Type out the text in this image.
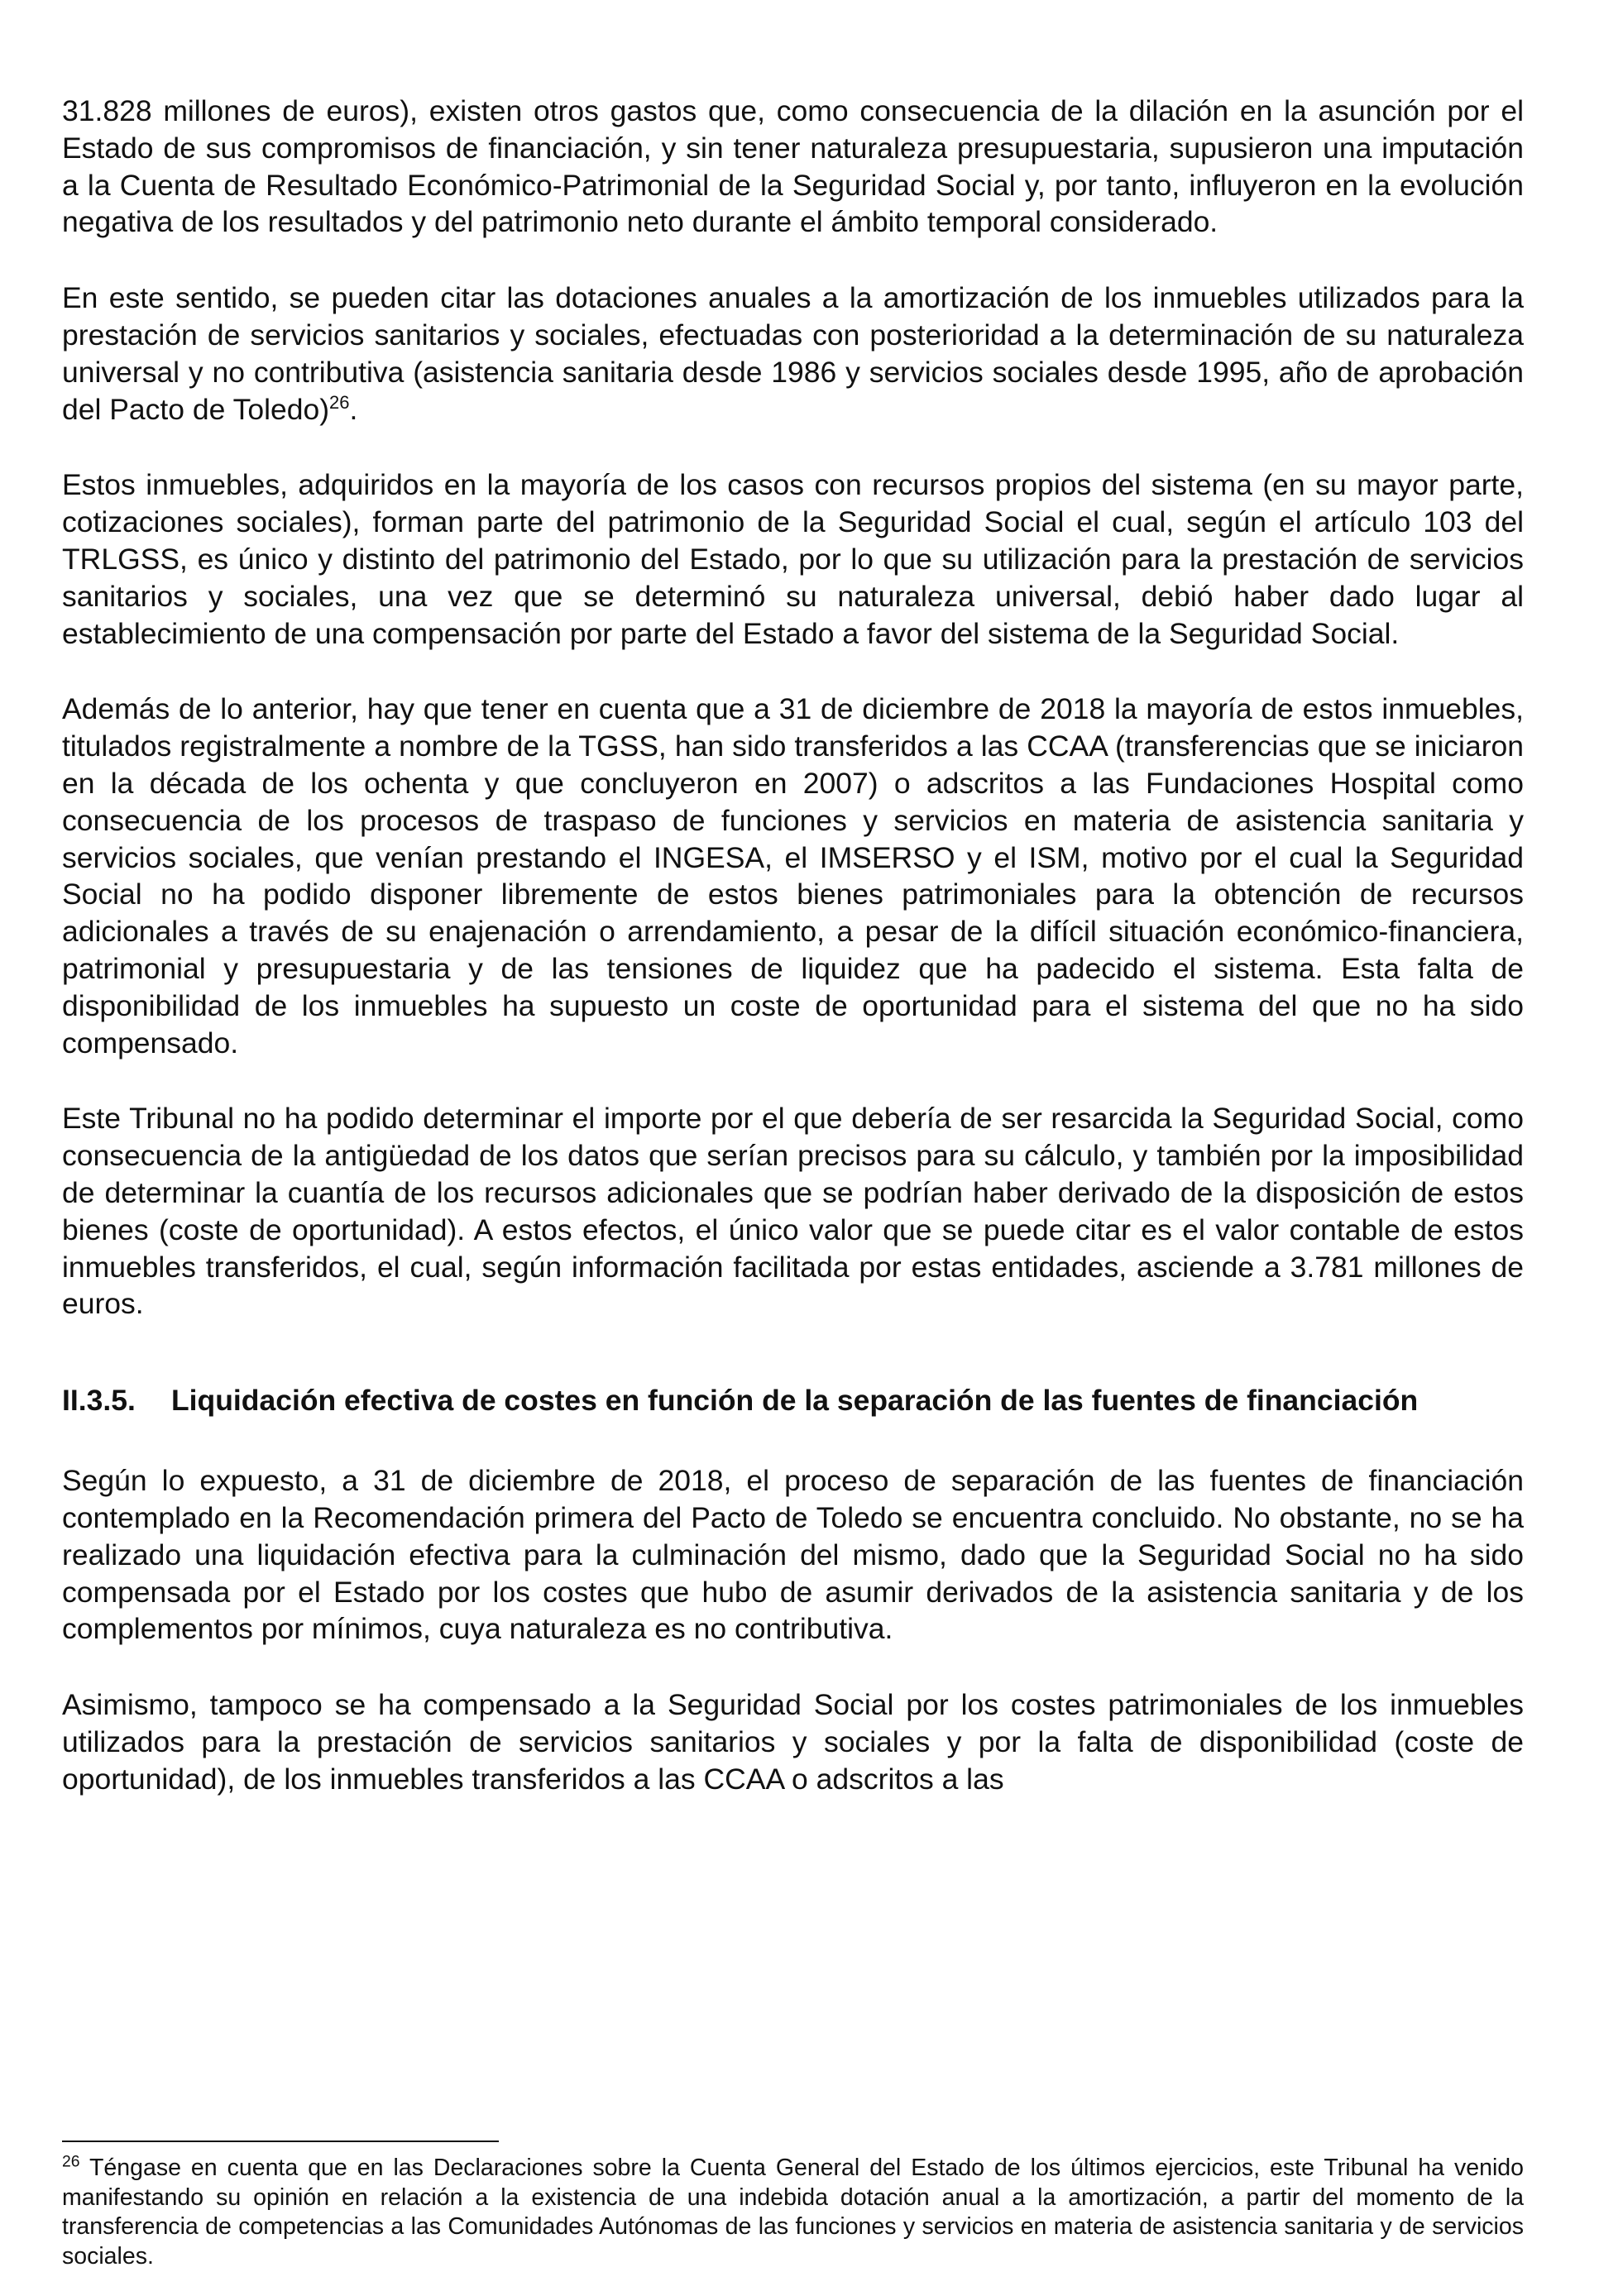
31.828 millones de euros), existen otros gastos que, como consecuencia de la dilación en la asunción por el Estado de sus compromisos de financiación, y sin tener naturaleza presupuestaria, supusieron una imputación a la Cuenta de Resultado Económico-Patrimonial de la Seguridad Social y, por tanto, influyeron en la evolución negativa de los resultados y del patrimonio neto durante el ámbito temporal considerado.

En este sentido, se pueden citar las dotaciones anuales a la amortización de los inmuebles utilizados para la prestación de servicios sanitarios y sociales, efectuadas con posterioridad a la determinación de su naturaleza universal y no contributiva (asistencia sanitaria desde 1986 y servicios sociales desde 1995, año de aprobación del Pacto de Toledo)$^{26}$.

Estos inmuebles, adquiridos en la mayoría de los casos con recursos propios del sistema (en su mayor parte, cotizaciones sociales), forman parte del patrimonio de la Seguridad Social el cual, según el artículo 103 del TRLGSS, es único y distinto del patrimonio del Estado, por lo que su utilización para la prestación de servicios sanitarios y sociales, una vez que se determinó su naturaleza universal, debió haber dado lugar al establecimiento de una compensación por parte del Estado a favor del sistema de la Seguridad Social.

Además de lo anterior, hay que tener en cuenta que a 31 de diciembre de 2018 la mayoría de estos inmuebles, titulados registralmente a nombre de la TGSS, han sido transferidos a las CCAA (transferencias que se iniciaron en la década de los ochenta y que concluyeron en 2007) o adscritos a las Fundaciones Hospital como consecuencia de los procesos de traspaso de funciones y servicios en materia de asistencia sanitaria y servicios sociales, que venían prestando el INGESA, el IMSERSO y el ISM, motivo por el cual la Seguridad Social no ha podido disponer libremente de estos bienes patrimoniales para la obtención de recursos adicionales a través de su enajenación o arrendamiento, a pesar de la difícil situación económico-financiera, patrimonial y presupuestaria y de las tensiones de liquidez que ha padecido el sistema. Esta falta de disponibilidad de los inmuebles ha supuesto un coste de oportunidad para el sistema del que no ha sido compensado.

Este Tribunal no ha podido determinar el importe por el que debería de ser resarcida la Seguridad Social, como consecuencia de la antigüedad de los datos que serían precisos para su cálculo, y también por la imposibilidad de determinar la cuantía de los recursos adicionales que se podrían haber derivado de la disposición de estos bienes (coste de oportunidad). A estos efectos, el único valor que se puede citar es el valor contable de estos inmuebles transferidos, el cual, según información facilitada por estas entidades, asciende a 3.781 millones de euros.

II.3.5.	Liquidación efectiva de costes en función de la separación de las fuentes de financiación

Según lo expuesto, a 31 de diciembre de 2018, el proceso de separación de las fuentes de financiación contemplado en la Recomendación primera del Pacto de Toledo se encuentra concluido. No obstante, no se ha realizado una liquidación efectiva para la culminación del mismo, dado que la Seguridad Social no ha sido compensada por el Estado por los costes que hubo de asumir derivados de la asistencia sanitaria y de los complementos por mínimos, cuya naturaleza es no contributiva.

Asimismo, tampoco se ha compensado a la Seguridad Social por los costes patrimoniales de los inmuebles utilizados para la prestación de servicios sanitarios y sociales y por la falta de disponibilidad (coste de oportunidad), de los inmuebles transferidos a las CCAA o adscritos a las

$^{26}$ Téngase en cuenta que en las Declaraciones sobre la Cuenta General del Estado de los últimos ejercicios, este Tribunal ha venido manifestando su opinión en relación a la existencia de una indebida dotación anual a la amortización, a partir del momento de la transferencia de competencias a las Comunidades Autónomas de las funciones y servicios en materia de asistencia sanitaria y de servicios sociales.
